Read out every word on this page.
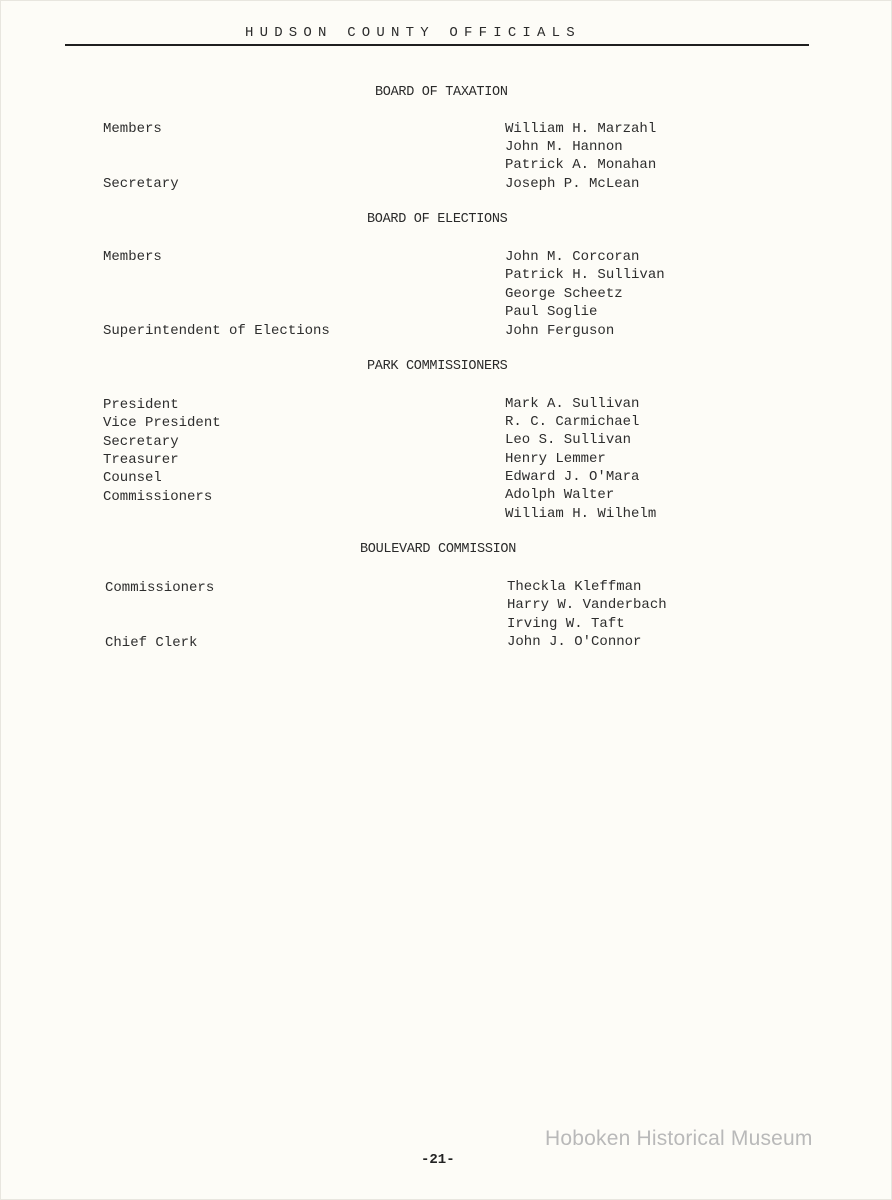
HUDSON COUNTY OFFICIALS
BOARD OF TAXATION
Members
Secretary
William H. Marzahl
John M. Hannon
Patrick A. Monahan
Joseph P. McLean
BOARD OF ELECTIONS
Members
Superintendent of Elections
John M. Corcoran
Patrick H. Sullivan
George Scheetz
Paul Soglie
John Ferguson
PARK COMMISSIONERS
President
Vice President
Secretary
Treasurer
Counsel
Commissioners
Mark A. Sullivan
R. C. Carmichael
Leo S. Sullivan
Henry Lemmer
Edward J. O'Mara
Adolph Walter
William H. Wilhelm
BOULEVARD COMMISSION
Commissioners
Chief Clerk
Theckla Kleffman
Harry W. Vanderbach
Irving W. Taft
John J. O'Connor
-21-
Hoboken Historical Museum
